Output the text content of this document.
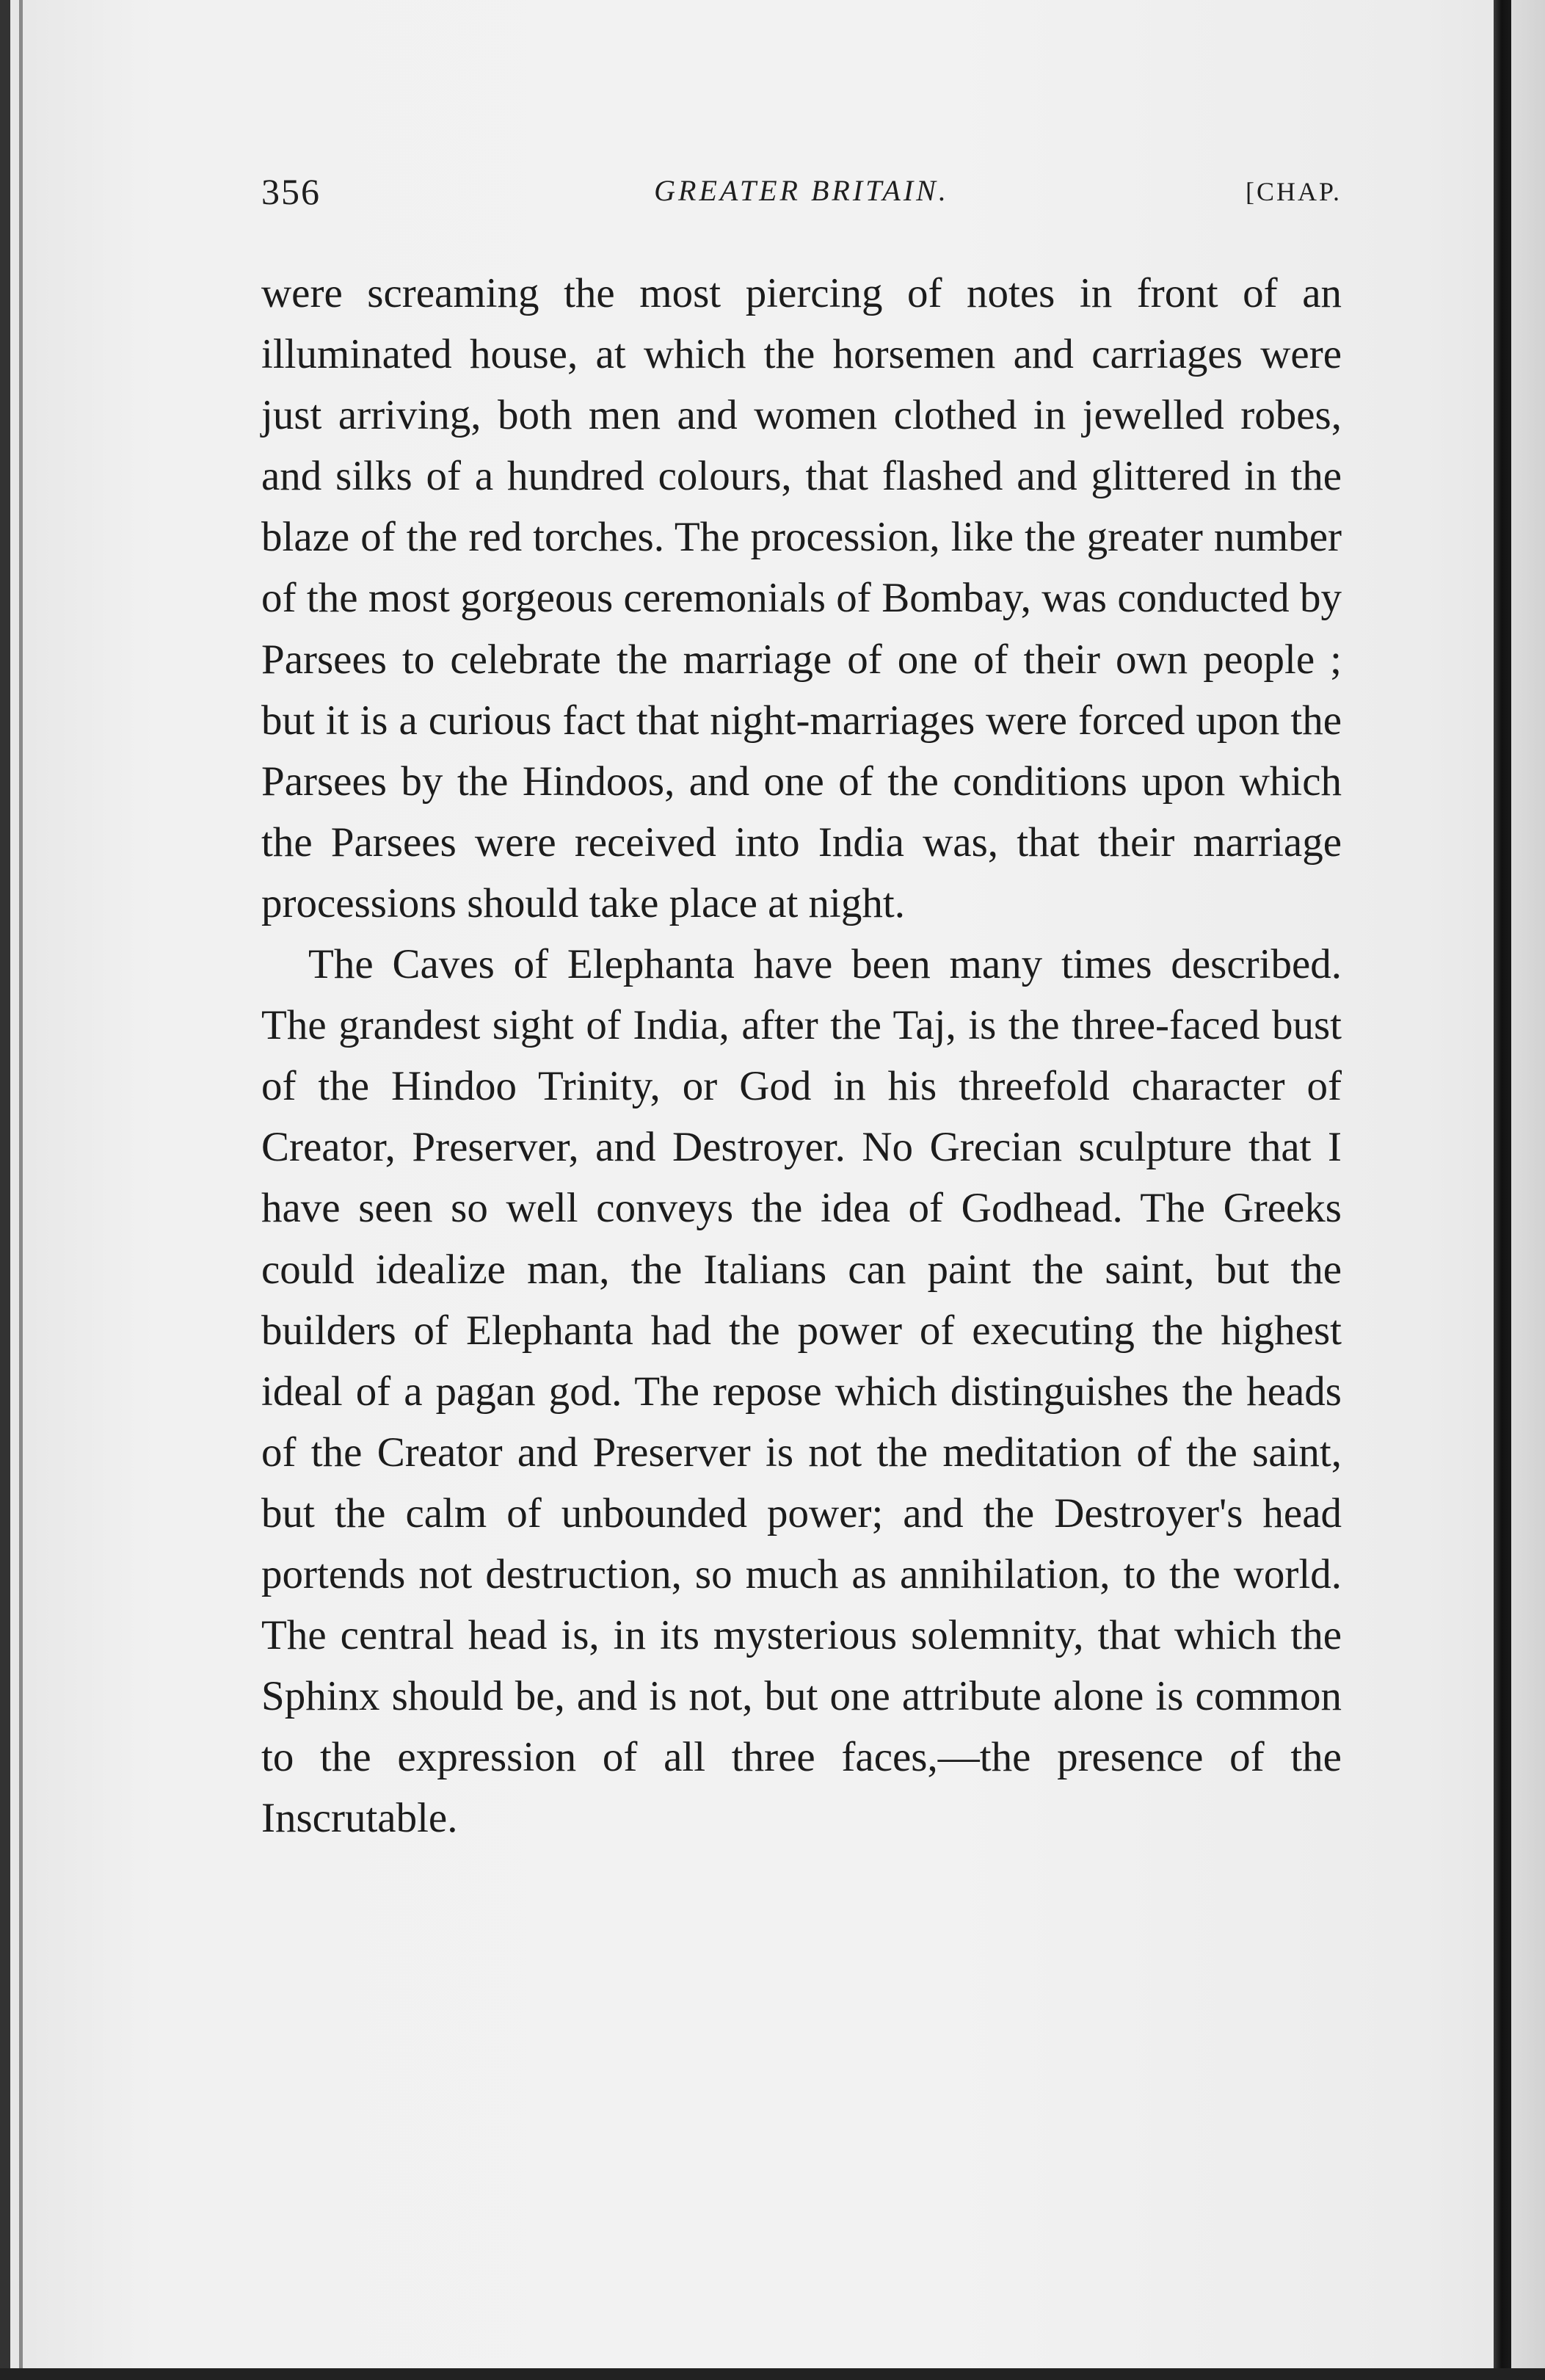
356	GREATER BRITAIN.	[CHAP.

were screaming the most piercing of notes in front of an illuminated house, at which the horsemen and carriages were just arriving, both men and women clothed in jewelled robes, and silks of a hundred colours, that flashed and glittered in the blaze of the red torches. The procession, like the greater number of the most gorgeous ceremonials of Bombay, was conducted by Parsees to celebrate the marriage of one of their own people ; but it is a curious fact that night-marriages were forced upon the Parsees by the Hindoos, and one of the conditions upon which the Parsees were received into India was, that their marriage processions should take place at night.

The Caves of Elephanta have been many times described. The grandest sight of India, after the Taj, is the three-faced bust of the Hindoo Trinity, or God in his threefold character of Creator, Preserver, and Destroyer. No Grecian sculpture that I have seen so well conveys the idea of Godhead. The Greeks could idealize man, the Italians can paint the saint, but the builders of Elephanta had the power of executing the highest ideal of a pagan god. The repose which distinguishes the heads of the Creator and Preserver is not the meditation of the saint, but the calm of unbounded power; and the Destroyer's head portends not destruction, so much as annihilation, to the world. The central head is, in its mysterious solemnity, that which the Sphinx should be, and is not, but one attribute alone is common to the expression of all three faces,—the presence of the Inscrutable.
